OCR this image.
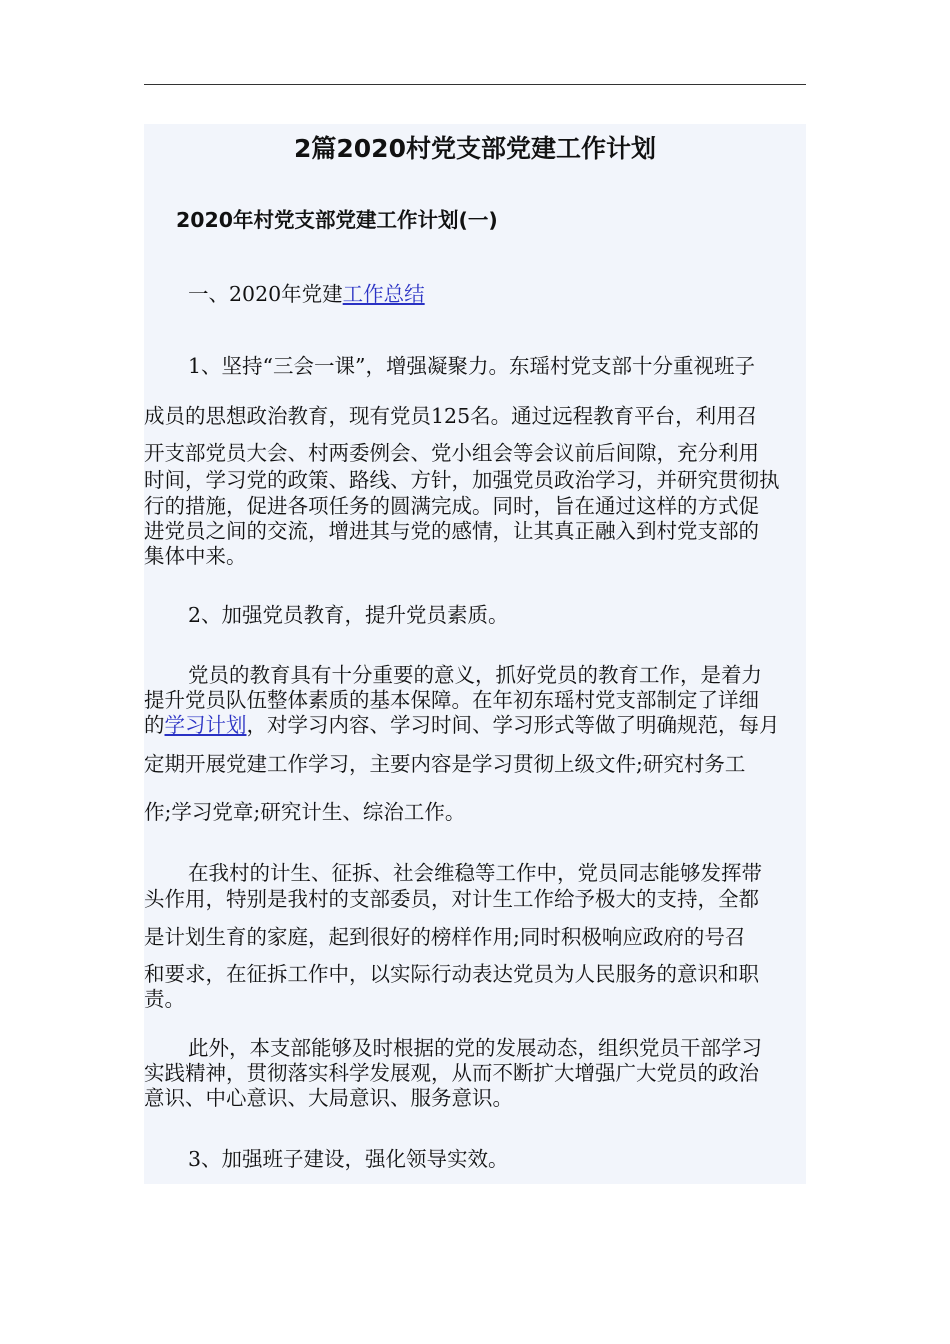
2篇2020村党支部党建工作计划
2020年村党支部党建工作计划(一)
一、2020年党建工作总结
1、坚持“三会一课”，增强凝聚力。东瑶村党支部十分重视班子
成员的思想政治教育，现有党员125名。通过远程教育平台，利用召
开支部党员大会、村两委例会、党小组会等会议前后间隙，充分利用
时间，学习党的政策、路线、方针，加强党员政治学习，并研究贯彻执
行的措施，促进各项任务的圆满完成。同时，旨在通过这样的方式促
进党员之间的交流，增进其与党的感情，让其真正融入到村党支部的
集体中来。
2、加强党员教育，提升党员素质。
党员的教育具有十分重要的意义，抓好党员的教育工作，是着力
提升党员队伍整体素质的基本保障。在年初东瑶村党支部制定了详细
的学习计划，对学习内容、学习时间、学习形式等做了明确规范，每月
定期开展党建工作学习，主要内容是学习贯彻上级文件;研究村务工
作;学习党章;研究计生、综治工作。
在我村的计生、征拆、社会维稳等工作中，党员同志能够发挥带
头作用，特别是我村的支部委员，对计生工作给予极大的支持，全都
是计划生育的家庭，起到很好的榜样作用;同时积极响应政府的号召
和要求，在征拆工作中，以实际行动表达党员为人民服务的意识和职
责。
此外，本支部能够及时根据的党的发展动态，组织党员干部学习
实践精神，贯彻落实科学发展观，从而不断扩大增强广大党员的政治
意识、中心意识、大局意识、服务意识。
3、加强班子建设，强化领导实效。
